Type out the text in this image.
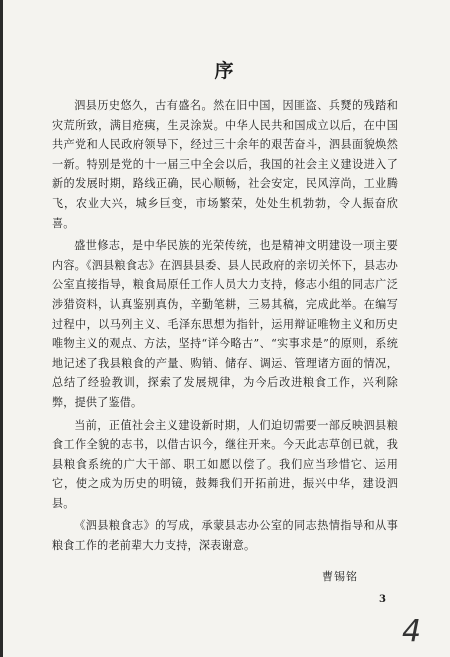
序

泗县历史悠久，古有盛名。然在旧中国，因匪盗、兵燹的残踏和灾荒所致，满目疮痍，生灵涂炭。中华人民共和国成立以后，在中国共产党和人民政府领导下，经过三十余年的艰苦奋斗，泗县面貌焕然一新。特别是党的十一届三中全会以后，我国的社会主义建设进入了新的发展时期，路线正确，民心顺畅，社会安定，民风淳尚，工业腾飞，农业大兴，城乡巨变，市场繁荣，处处生机勃勃，令人振奋欣喜。

盛世修志，是中华民族的光荣传统，也是精神文明建设一项主要内容。《泗县粮食志》在泗县县委、县人民政府的亲切关怀下，县志办公室直接指导，粮食局原任工作人员大力支持，修志小组的同志广泛涉猎资料，认真鉴别真伪，辛勤笔耕，三易其稿，完成此举。在编写过程中，以马列主义、毛泽东思想为指针，运用辩证唯物主义和历史唯物主义的观点、方法，坚持“详今略古”、“实事求是”的原则，系统地记述了我县粮食的产量、购销、储存、调运、管理诸方面的情况，总结了经验教训，探索了发展规律，为今后改进粮食工作，兴利除弊，提供了鉴借。

当前，正值社会主义建设新时期，人们迫切需要一部反映泗县粮食工作全貌的志书，以借古识今，继往开来。今天此志草创已就，我县粮食系统的广大干部、职工如愿以偿了。我们应当珍惜它、运用它，使之成为历史的明镜，鼓舞我们开拓前进，振兴中华，建设泗县。

《泗县粮食志》的写成，承蒙县志办公室的同志热情指导和从事粮食工作的老前辈大力支持，深表谢意。

曹锡铭
3
4
